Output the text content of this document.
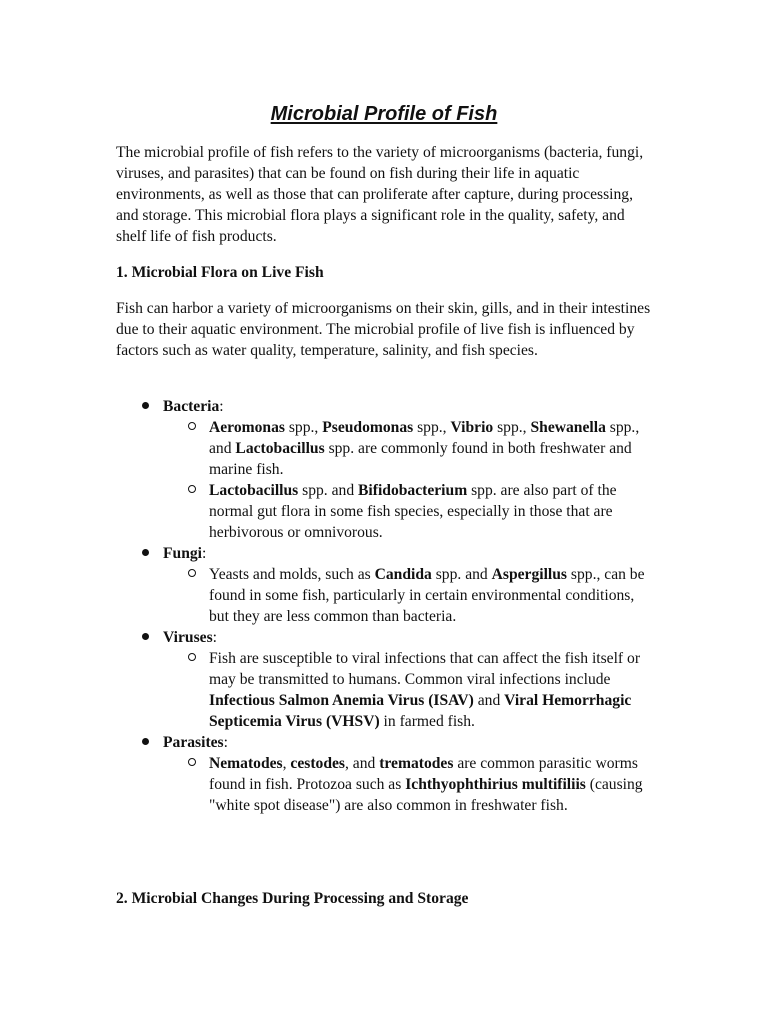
Microbial Profile of Fish

The microbial profile of fish refers to the variety of microorganisms (bacteria, fungi, viruses, and parasites) that can be found on fish during their life in aquatic environments, as well as those that can proliferate after capture, during processing, and storage. This microbial flora plays a significant role in the quality, safety, and shelf life of fish products.

1. Microbial Flora on Live Fish

Fish can harbor a variety of microorganisms on their skin, gills, and in their intestines due to their aquatic environment. The microbial profile of live fish is influenced by factors such as water quality, temperature, salinity, and fish species.

Bacteria:
Aeromonas spp., Pseudomonas spp., Vibrio spp., Shewanella spp., and Lactobacillus spp. are commonly found in both freshwater and marine fish.
Lactobacillus spp. and Bifidobacterium spp. are also part of the normal gut flora in some fish species, especially in those that are herbivorous or omnivorous.
Fungi:
Yeasts and molds, such as Candida spp. and Aspergillus spp., can be found in some fish, particularly in certain environmental conditions, but they are less common than bacteria.
Viruses:
Fish are susceptible to viral infections that can affect the fish itself or may be transmitted to humans. Common viral infections include Infectious Salmon Anemia Virus (ISAV) and Viral Hemorrhagic Septicemia Virus (VHSV) in farmed fish.
Parasites:
Nematodes, cestodes, and trematodes are common parasitic worms found in fish. Protozoa such as Ichthyophthirius multifiliis (causing "white spot disease") are also common in freshwater fish.

2. Microbial Changes During Processing and Storage
